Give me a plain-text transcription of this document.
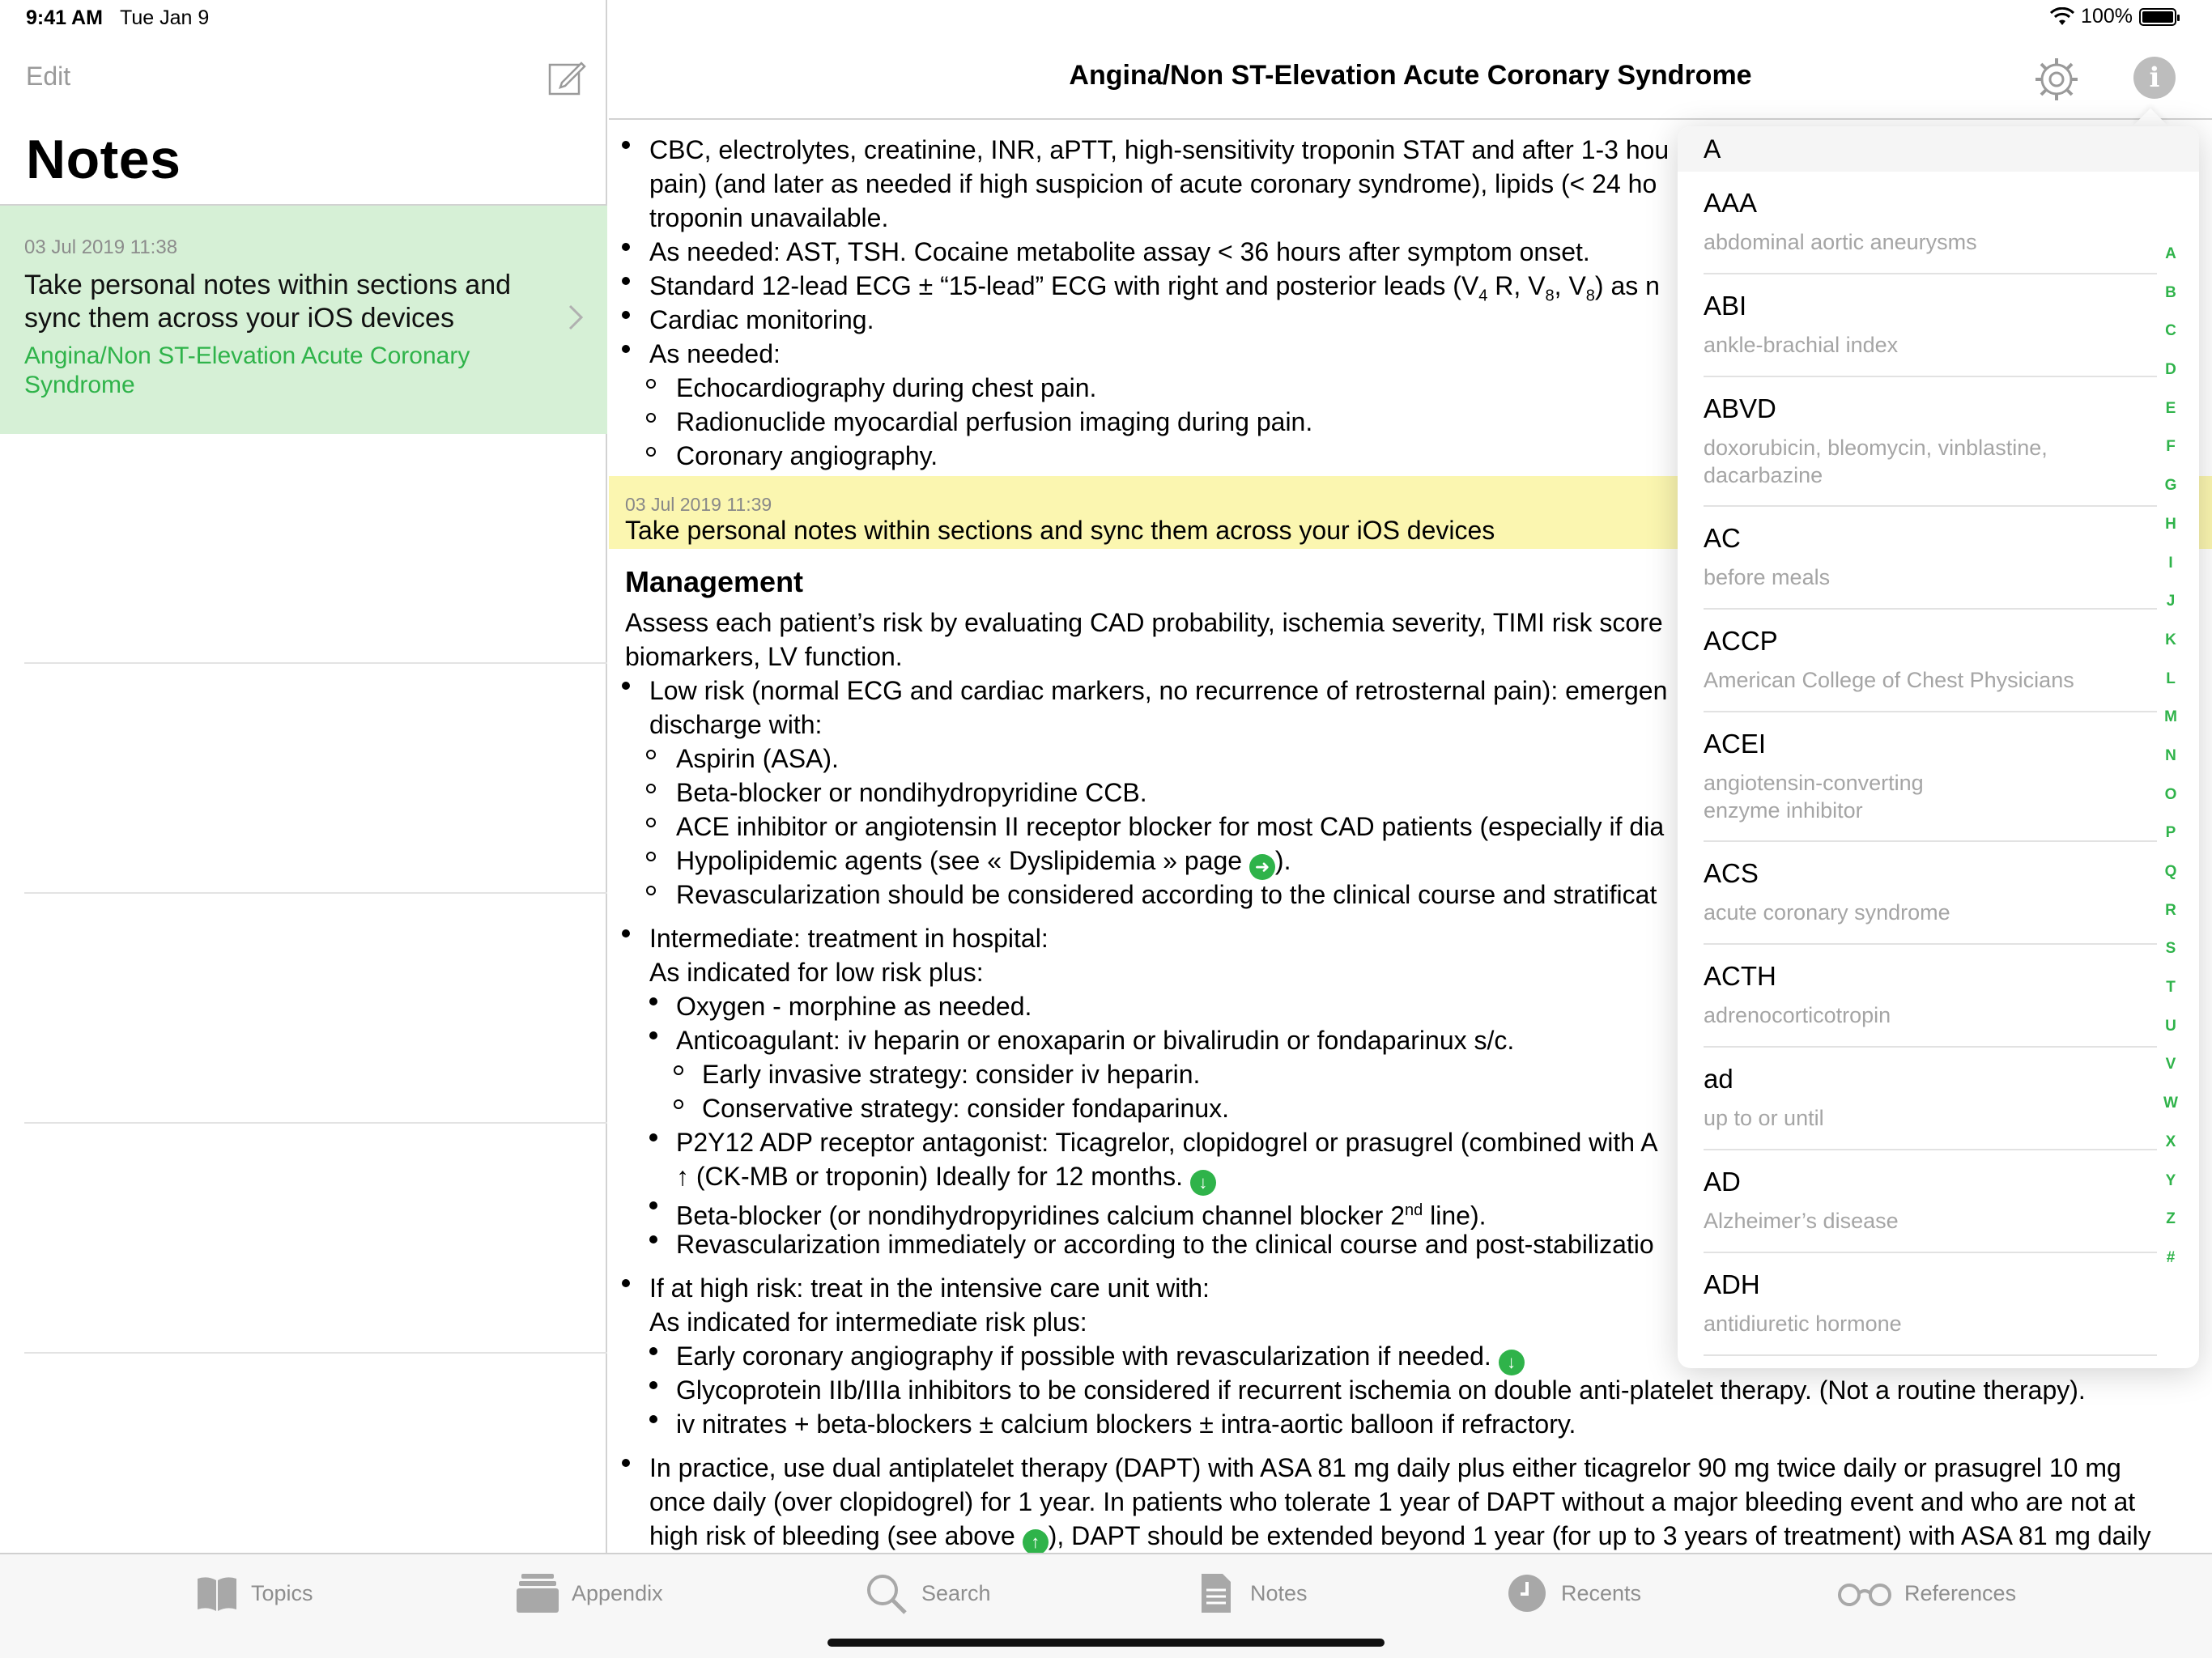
9:41 AM Tue Jan 9	100%
Edit
Notes
03 Jul 2019 11:38
Take personal notes within sections and sync them across your iOS devices
Angina/Non ST-Elevation Acute Coronary Syndrome
Angina/Non ST-Elevation Acute Coronary Syndrome	i
CBC, electrolytes, creatinine, INR, aPTT, high-sensitivity troponin STAT and after 1-3 hou
pain) (and later as needed if high suspicion of acute coronary syndrome), lipids (< 24 ho
troponin unavailable.
As needed: AST, TSH. Cocaine metabolite assay < 36 hours after symptom onset.
Standard 12-lead ECG ± “15-lead” ECG with right and posterior leads ($V_4$ R, $V_8$, $V_8$) as n
Cardiac monitoring.
As needed:
Echocardiography during chest pain.
Radionuclide myocardial perfusion imaging during pain.
Coronary angiography.
03 Jul 2019 11:39
Take personal notes within sections and sync them across your iOS devices
Management
Assess each patient’s risk by evaluating CAD probability, ischemia severity, TIMI risk score
biomarkers, LV function.
Low risk (normal ECG and cardiac markers, no recurrence of retrosternal pain): emergen
discharge with:
Aspirin (ASA).
Beta-blocker or nondihydropyridine CCB.
ACE inhibitor or angiotensin II receptor blocker for most CAD patients (especially if dia
Hypolipidemic agents (see « Dyslipidemia » page ➜ ).
Revascularization should be considered according to the clinical course and stratificat
Intermediate: treatment in hospital:
As indicated for low risk plus:
Oxygen - morphine as needed.
Anticoagulant: iv heparin or enoxaparin or bivalirudin or fondaparinux s/c.
Early invasive strategy: consider iv heparin.
Conservative strategy: consider fondaparinux.
P2Y12 ADP receptor antagonist: Ticagrelor, clopidogrel or prasugrel (combined with A
↑ (CK-MB or troponin) Ideally for 12 months. ↓
Beta-blocker (or nondihydropyridines calcium channel blocker 2nd line).
Revascularization immediately or according to the clinical course and post-stabilizatio
If at high risk: treat in the intensive care unit with:
As indicated for intermediate risk plus:
Early coronary angiography if possible with revascularization if needed. ↓
Glycoprotein IIb/IIIa inhibitors to be considered if recurrent ischemia on double anti-platelet therapy. (Not a routine therapy).
iv nitrates + beta-blockers ± calcium blockers ± intra-aortic balloon if refractory.
In practice, use dual antiplatelet therapy (DAPT) with ASA 81 mg daily plus either ticagrelor 90 mg twice daily or prasugrel 10 mg
once daily (over clopidogrel) for 1 year. In patients who tolerate 1 year of DAPT without a major bleeding event and who are not at
high risk of bleeding (see above ↑ ), DAPT should be extended beyond 1 year (for up to 3 years of treatment) with ASA 81 mg daily
A
AAA
abdominal aortic aneurysms
ABI
ankle-brachial index
ABVD
doxorubicin, bleomycin, vinblastine, dacarbazine
AC
before meals
ACCP
American College of Chest Physicians
ACEI
angiotensin-converting enzyme inhibitor
ACS
acute coronary syndrome
ACTH
adrenocorticotropin
ad
up to or until
AD
Alzheimer’s disease
ADH
antidiuretic hormone
A
B
C
D
E
F
G
H
I
J
K
L
M
N
O
P
Q
R
S
T
U
V
W
X
Y
Z
#
Topics	Appendix	Search	Notes	Recents	References
